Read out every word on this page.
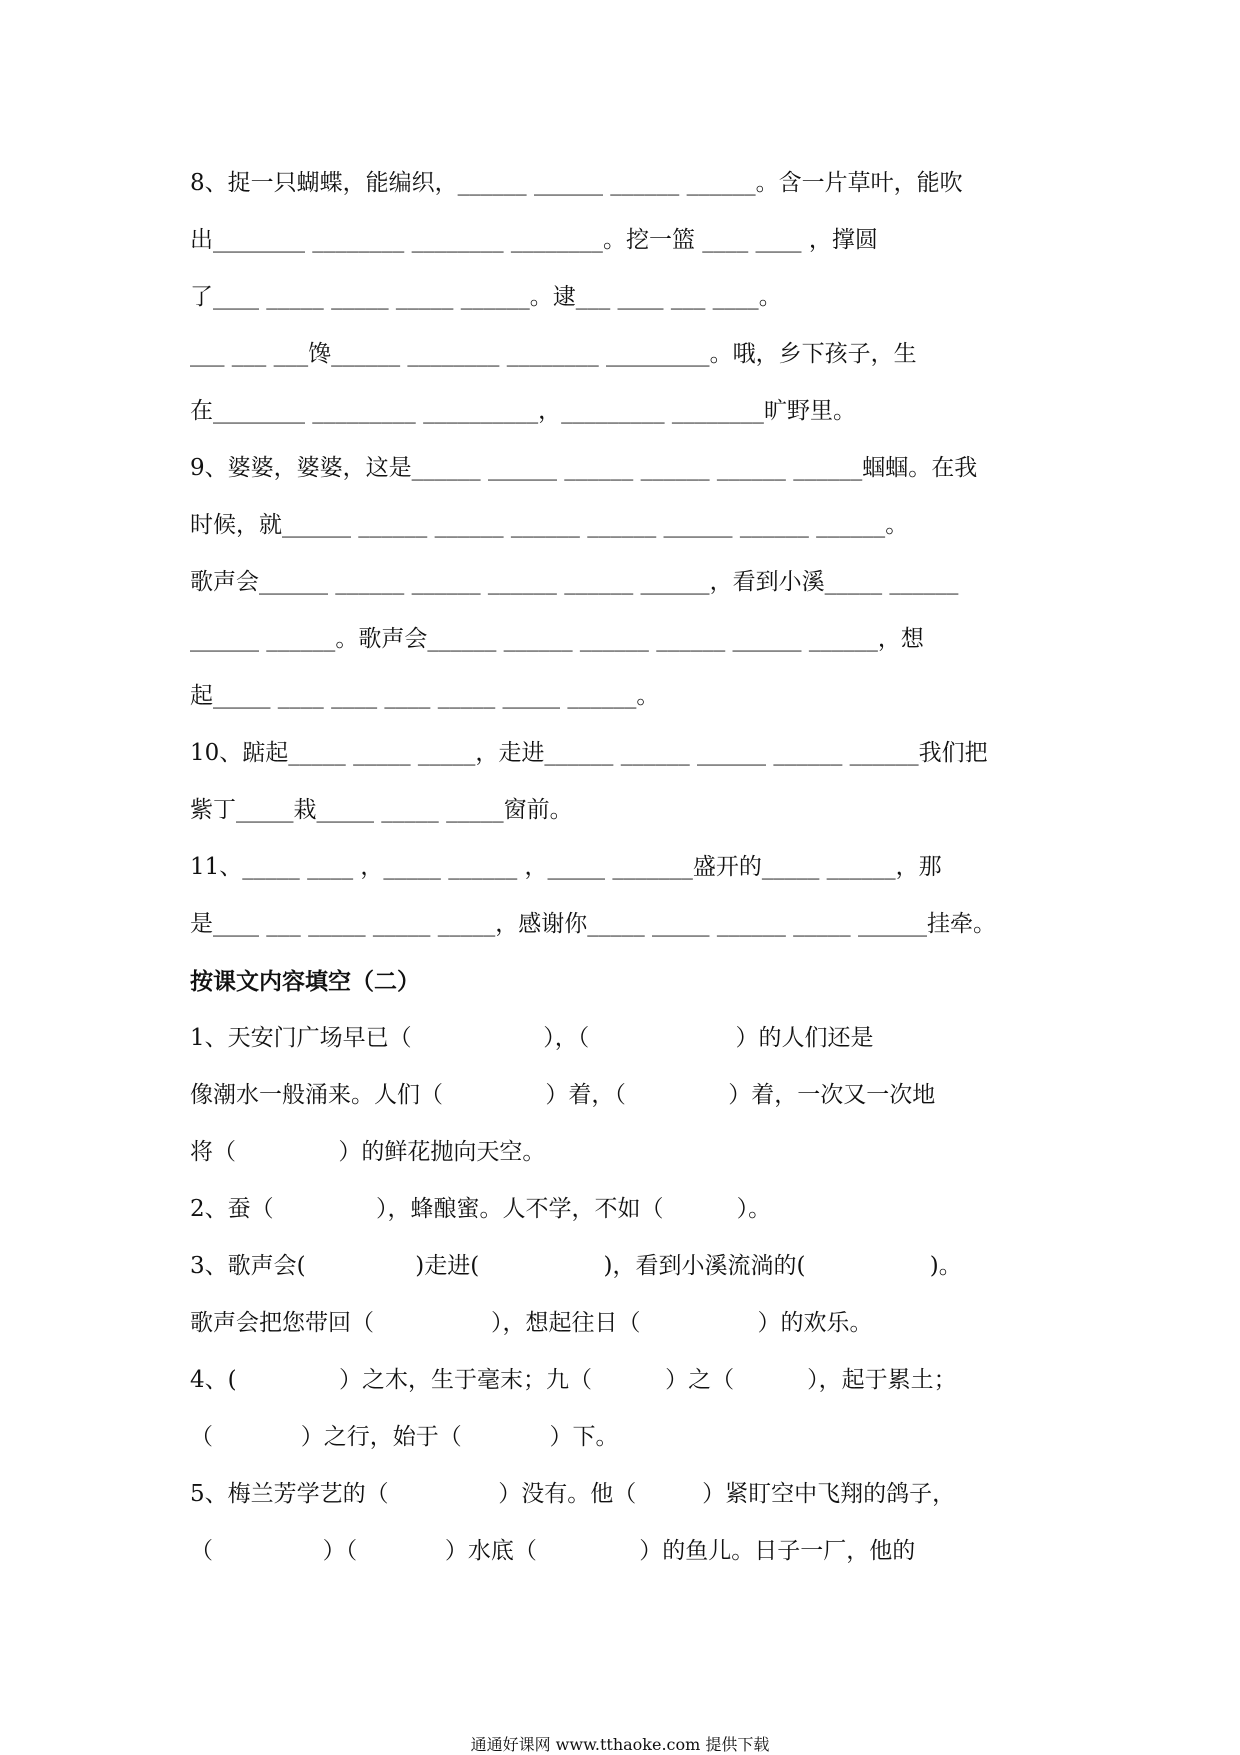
8、捉一只蝴蝶，能编织，______ ______ ______ ______。含一片草叶，能吹
出________ ________ ________ ________。挖一篮 ____ ____ ，撑圆
了____ _____ _____ _____ ______。逮___ ____ ___ ____。
___ ___ ___馋______ ________ ________ _________。哦，乡下孩子，生
在________ _________ __________，_________ ________旷野里。
9、婆婆，婆婆，这是______ ______ ______ ______ ______ ______蝈蝈。在我
时候，就______ ______ ______ ______ ______ ______ ______ ______。
歌声会______ ______ ______ ______ ______ ______，看到小溪_____ ______
______ ______。歌声会______ ______ ______ ______ ______ ______，想
起_____ ____ ____ ____ _____ _____ ______。
10、踮起_____ _____ _____，走进______ ______ ______ ______ ______我们把
紫丁_____栽_____ _____ _____窗前。
11、_____ ____ ，_____ ______ ，_____ _______盛开的_____ ______，那
是____ ___ _____ _____ _____，感谢你_____ _____ ______ _____ ______挂牵。
按课文内容填空（二）
1、天安门广场早已（                  ），（                    ）的人们还是
像潮水一般涌来。人们（              ）着，（              ）着，一次又一次地
将（              ）的鲜花抛向天空。
2、蚕（              ），蜂酿蜜。人不学，不如（          ）。
3、歌声会(               )走进(                 )，看到小溪流淌的(                 )。
歌声会把您带回（                ），想起往日（                ）的欢乐。
4、(              ）之木，生于毫末；九（          ）之（          ），起于累土；
（            ）之行，始于（            ）下。
5、梅兰芳学艺的（               ）没有。他（         ）紧盯空中飞翔的鸽子，
（               ）（            ）水底（              ）的鱼儿。日子一厂，他的
通通好课网 www.tthaoke.com 提供下载
